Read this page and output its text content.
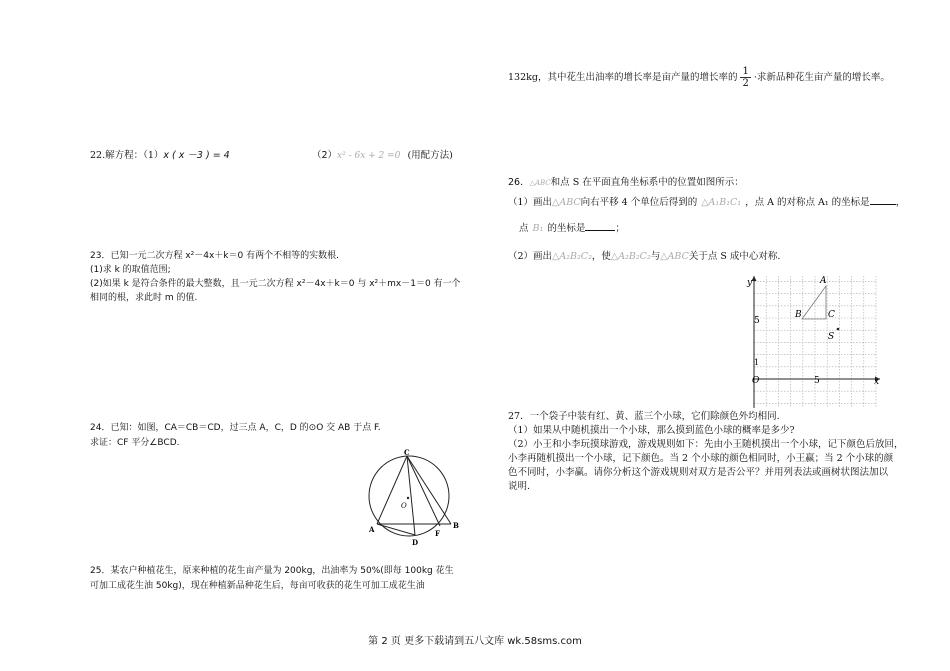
132kg，其中花生出油率的增长率是亩产量的增长率的 $\frac{1}{2}$ ·求新品种花生亩产量的增长率。
22.解方程：（1）x ( x －3 ) = 4	（2）x² - 6x + 2 =0 (用配方法)
23．已知一元二次方程 x²－4x＋k＝0 有两个不相等的实数根.
(1)求 k 的取值范围;
(2)如果 k 是符合条件的最大整数，且一元二次方程 x²－4x＋k＝0 与 x²＋mx－1＝0 有一个
相同的根，求此时 m 的值.
24．已知：如图，CA＝CB＝CD，过三点 A，C，D 的⊙O 交 AB 于点 F.
求证：CF 平分∠BCD.
C
O
A
D
F
B
25．某农户种植花生，原来种植的花生亩产量为 200kg，出油率为 50%(即每 100kg 花生
可加工成花生油 50kg)，现在种植新品种花生后，每亩可收获的花生可加工成花生油
26．△ABC和点 S 在平面直角坐标系中的位置如图所示：
（1）画出△ABC向右平移 4 个单位后得到的 △A₁B₁C₁ ，点 A 的对称点 A₁ 的坐标是	，
点 B₁ 的坐标是	；
（2）画出△A₂B₂C₂，使△A₂B₂C₂与△ABC关于点 S 成中心对称.
y
x
O	5
5
1
A
B	C
S
27．一个袋子中装有红、黄、蓝三个小球，它们除颜色外均相同.
（1）如果从中随机摸出一个小球，那么摸到蓝色小球的概率是多少?
（2）小王和小李玩摸球游戏，游戏规则如下：先由小王随机摸出一个小球，记下颜色后放回，
小李再随机摸出一个小球，记下颜色。当 2 个小球的颜色相同时，小王赢；当 2 个小球的颜
色不同时，小李赢。请你分析这个游戏规则对双方是否公平？并用列表法或画树状图法加以
说明.
第 2 页 更多下载请到五八文库 wk.58sms.com
